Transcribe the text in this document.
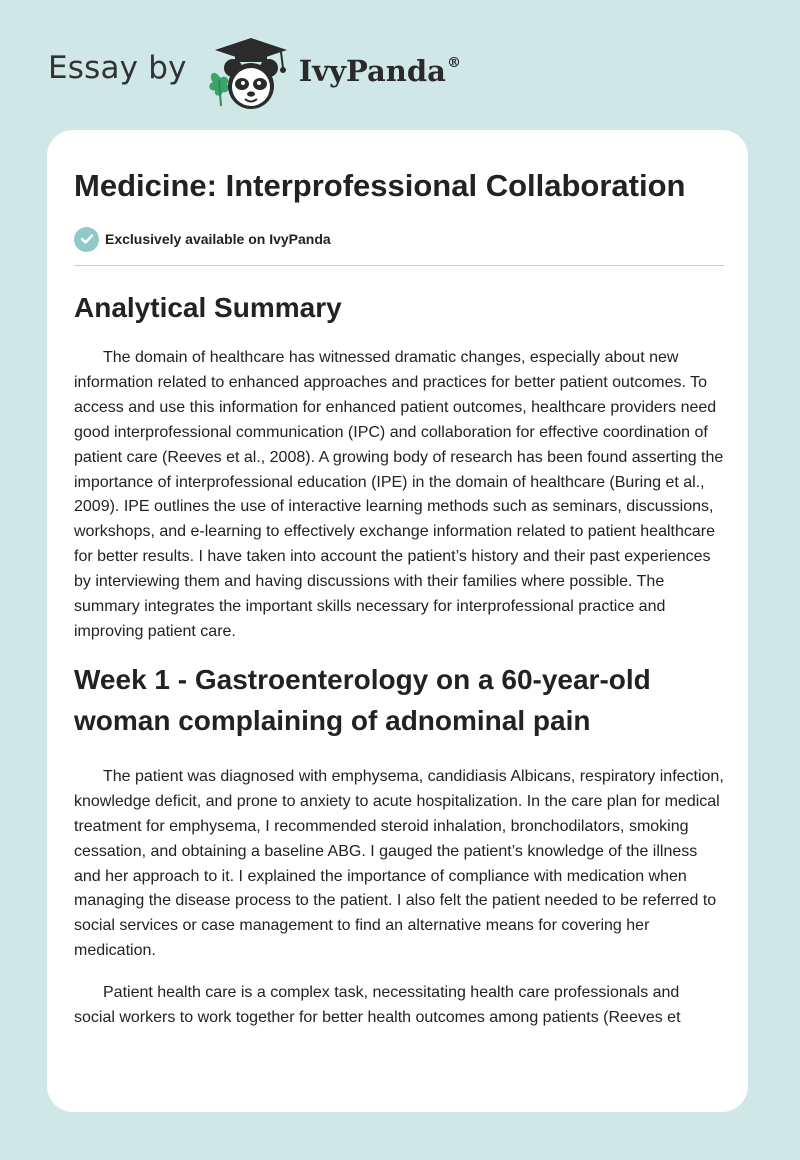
Essay by	IvyPanda®
Medicine: Interprofessional Collaboration
Exclusively available on IvyPanda
Analytical Summary

The domain of healthcare has witnessed dramatic changes, especially about new information related to enhanced approaches and practices for better patient outcomes. To access and use this information for enhanced patient outcomes, healthcare providers need good interprofessional communication (IPC) and collaboration for effective coordination of patient care (Reeves et al., 2008). A growing body of research has been found asserting the importance of interprofessional education (IPE) in the domain of healthcare (Buring et al., 2009). IPE outlines the use of interactive learning methods such as seminars, discussions, workshops, and e-learning to effectively exchange information related to patient healthcare for better results. I have taken into account the patient’s history and their past experiences by interviewing them and having discussions with their families where possible. The summary integrates the important skills necessary for interprofessional practice and improving patient care.

Week 1 - Gastroenterology on a 60-year-old woman complaining of adnominal pain

The patient was diagnosed with emphysema, candidiasis Albicans, respiratory infection, knowledge deficit, and prone to anxiety to acute hospitalization. In the care plan for medical treatment for emphysema, I recommended steroid inhalation, bronchodilators, smoking cessation, and obtaining a baseline ABG. I gauged the patient’s knowledge of the illness and her approach to it. I explained the importance of compliance with medication when managing the disease process to the patient. I also felt the patient needed to be referred to social services or case management to find an alternative means for covering her medication.

Patient health care is a complex task, necessitating health care professionals and social workers to work together for better health outcomes among patients (Reeves et
